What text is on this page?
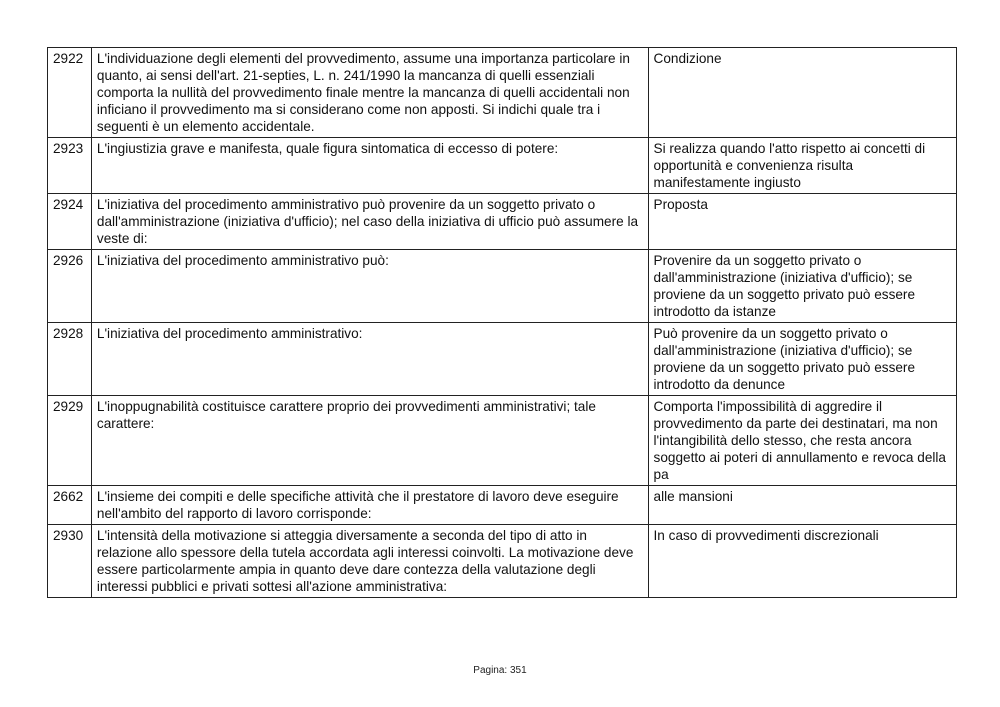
2922	L'individuazione degli elementi del provvedimento, assume una importanza particolare in quanto, ai sensi dell'art. 21-septies, L. n. 241/1990 la mancanza di quelli essenziali comporta la nullità del provvedimento finale mentre la mancanza di quelli accidentali non inficiano il provvedimento ma si considerano come non apposti. Si indichi quale tra i seguenti è un elemento accidentale.	Condizione
2923	L'ingiustizia grave e manifesta, quale figura sintomatica di eccesso di potere:	Si realizza quando l'atto rispetto ai concetti di opportunità e convenienza risulta manifestamente ingiusto
2924	L'iniziativa del procedimento amministrativo può provenire da un soggetto privato o dall'amministrazione (iniziativa d'ufficio); nel caso della iniziativa di ufficio può assumere la veste di:	Proposta
2926	L'iniziativa del procedimento amministrativo può:	Provenire da un soggetto privato o dall'amministrazione (iniziativa d'ufficio); se proviene da un soggetto privato può essere introdotto da istanze
2928	L'iniziativa del procedimento amministrativo:	Può provenire da un soggetto privato o dall'amministrazione (iniziativa d'ufficio); se proviene da un soggetto privato può essere introdotto da denunce
2929	L'inoppugnabilità costituisce carattere proprio dei provvedimenti amministrativi; tale carattere:	Comporta l'impossibilità di aggredire il provvedimento da parte dei destinatari, ma non l'intangibilità dello stesso, che resta ancora soggetto ai poteri di annullamento e revoca della pa
2662	L'insieme dei compiti e delle specifiche attività che il prestatore di lavoro deve eseguire nell'ambito del rapporto di lavoro corrisponde:	alle mansioni
2930	L'intensità della motivazione si atteggia diversamente a seconda del tipo di atto in relazione allo spessore della tutela accordata agli interessi coinvolti. La motivazione deve essere particolarmente ampia in quanto deve dare contezza della valutazione degli interessi pubblici e privati sottesi all'azione amministrativa:	In caso di provvedimenti discrezionali
Pagina: 351
